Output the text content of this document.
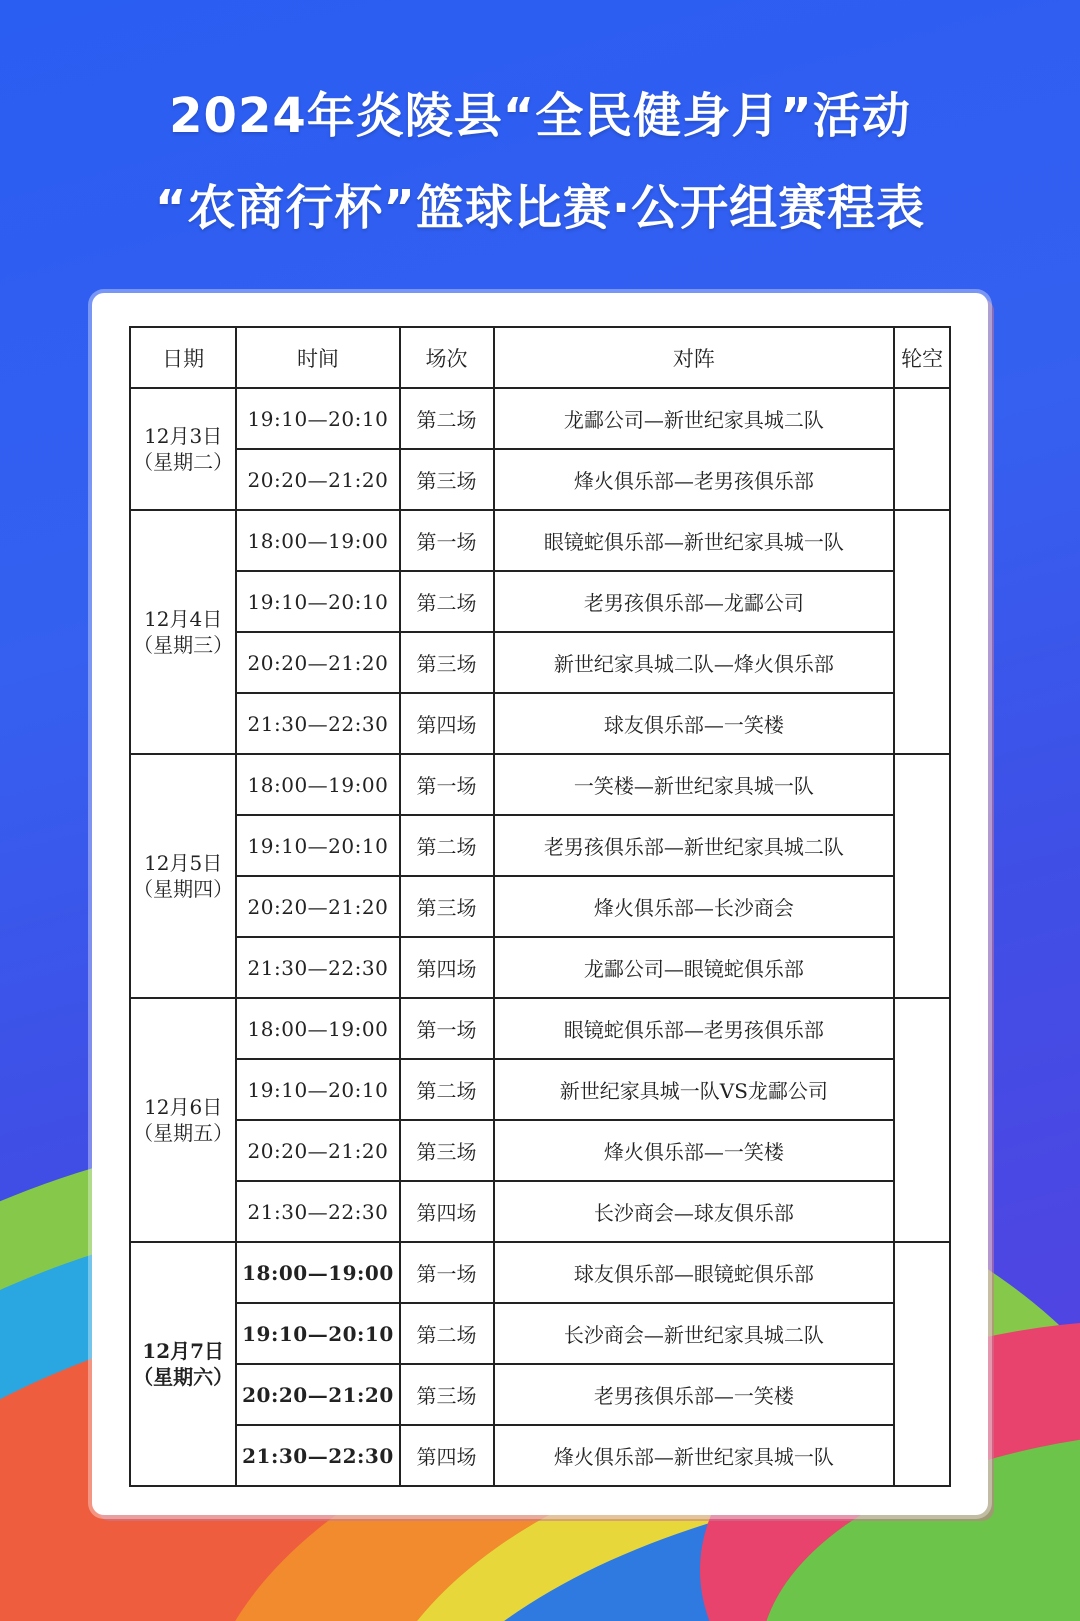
2024年炎陵县“全民健身月”活动
“农商行杯”篮球比赛·公开组赛程表
日期	时间	场次	对阵	轮空

12月3日
（星期二）	19:10—20:10	第二场	龙酃公司—新世纪家具城二队	
	20:20—21:20	第三场	烽火俱乐部—老男孩俱乐部	

12月4日
（星期三）	18:00—19:00	第一场	眼镜蛇俱乐部—新世纪家具城一队	
	19:10—20:10	第二场	老男孩俱乐部—龙酃公司	
	20:20—21:20	第三场	新世纪家具城二队—烽火俱乐部	
	21:30—22:30	第四场	球友俱乐部—一笑楼	

12月5日
（星期四）	18:00—19:00	第一场	一笑楼—新世纪家具城一队	
	19:10—20:10	第二场	老男孩俱乐部—新世纪家具城二队	
	20:20—21:20	第三场	烽火俱乐部—长沙商会	
	21:30—22:30	第四场	龙酃公司—眼镜蛇俱乐部	

12月6日
（星期五）	18:00—19:00	第一场	眼镜蛇俱乐部—老男孩俱乐部	
	19:10—20:10	第二场	新世纪家具城一队VS龙酃公司	
	20:20—21:20	第三场	烽火俱乐部—一笑楼	
	21:30—22:30	第四场	长沙商会—球友俱乐部	

12月7日
（星期六）	18:00—19:00	第一场	球友俱乐部—眼镜蛇俱乐部	
	19:10—20:10	第二场	长沙商会—新世纪家具城二队	
	20:20—21:20	第三场	老男孩俱乐部—一笑楼	
	21:30—22:30	第四场	烽火俱乐部—新世纪家具城一队	
